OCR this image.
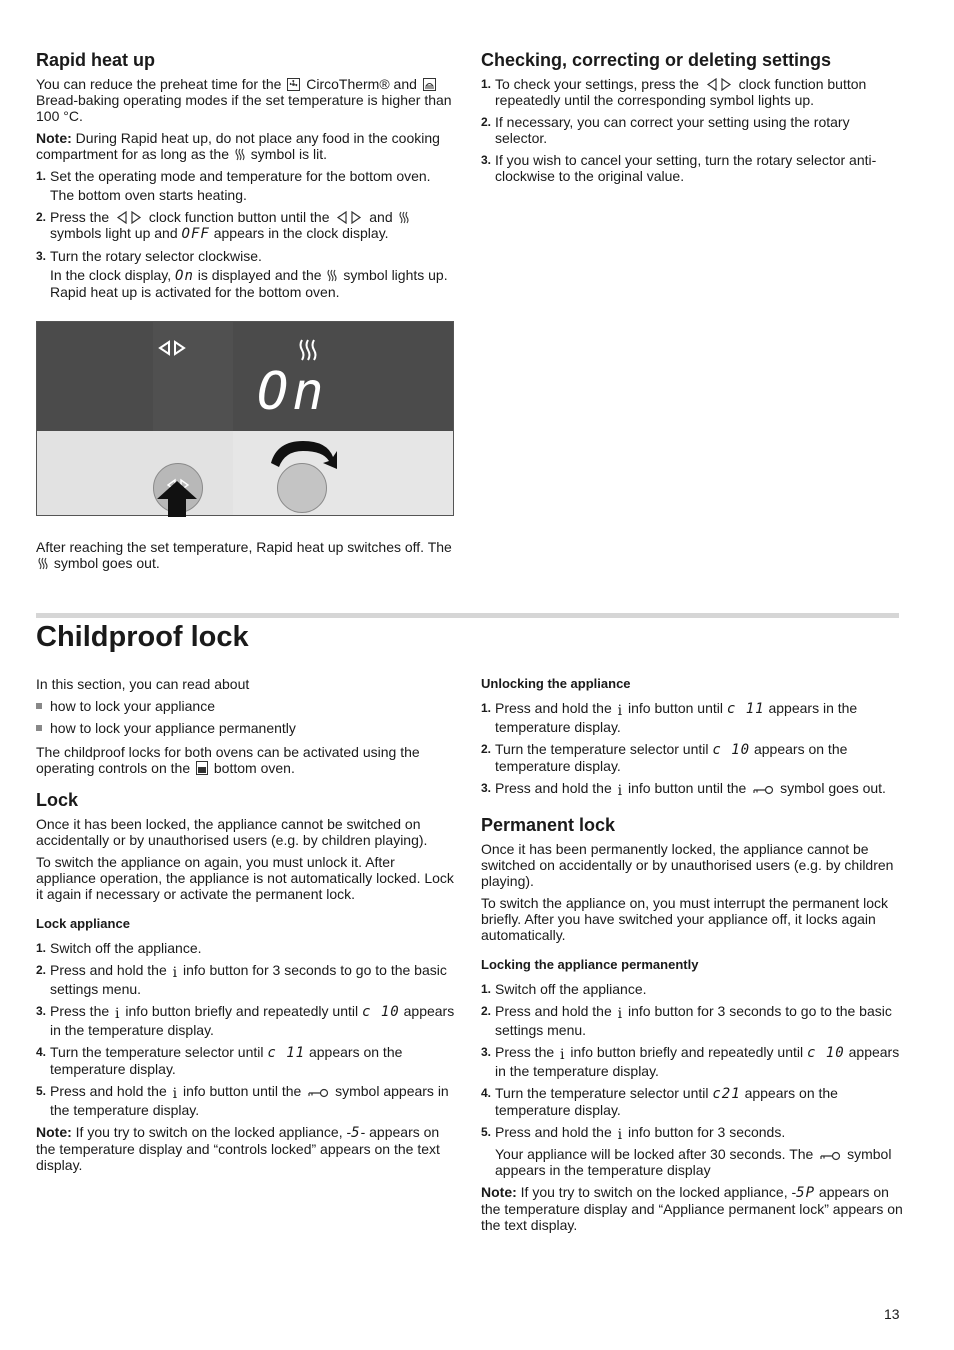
Rapid heat up

You can reduce the preheat time for the CircoTherm® and  Bread-baking operating modes if the set temperature is higher than 100 °C.

Note: During Rapid heat up, do not place any food in the cooking compartment for as long as the symbol is lit.

1. Set the operating mode and temperature for the bottom oven.
The bottom oven starts heating.
2. Press the	clock function button until the	and  symbols light up and OFF appears in the clock display.
3. Turn the rotary selector clockwise.
In the clock display, On is displayed and the symbol lights up. Rapid heat up is activated for the bottom oven.
On

After reaching the set temperature, Rapid heat up switches off. The  symbol goes out.

Checking, correcting or deleting settings
1. To check your settings, press the	clock function button repeatedly until the corresponding symbol lights up.
2. If necessary, you can correct your setting using the rotary selector.
3. If you wish to cancel your setting, turn the rotary selector anti-clockwise to the original value.
Childproof lock

In this section, you can read about

how to lock your appliance
how to lock your appliance permanently

The childproof locks for both ovens can be activated using the operating controls on the bottom oven.

Lock

Once it has been locked, the appliance cannot be switched on accidentally or by unauthorised users (e.g. by children playing).

To switch the appliance on again, you must unlock it. After appliance operation, the appliance is not automatically locked. Lock it again if necessary or activate the permanent lock.

Lock appliance
1. Switch off the appliance.
2. Press and hold the i info button for 3 seconds to go to the basic settings menu.
3. Press the i info button briefly and repeatedly until c 10 appears in the temperature display.
4. Turn the temperature selector until c 11 appears on the temperature display.
5. Press and hold the i info button until the symbol appears in the temperature display.

Note: If you try to switch on the locked appliance, -5- appears on the temperature display and “controls locked” appears on the text display.

Unlocking the appliance
1. Press and hold the i info button until c 11 appears in the temperature display.
2. Turn the temperature selector until c 10 appears on the temperature display.
3. Press and hold the i info button until the symbol goes out.
Permanent lock

Once it has been permanently locked, the appliance cannot be switched on accidentally or by unauthorised users (e.g. by children playing).

To switch the appliance on, you must interrupt the permanent lock briefly. After you have switched your appliance off, it locks again automatically.

Locking the appliance permanently
1. Switch off the appliance.
2. Press and hold the i info button for 3 seconds to go to the basic settings menu.
3. Press the i info button briefly and repeatedly until c 10 appears in the temperature display.
4. Turn the temperature selector until c21 appears on the temperature display.
5. Press and hold the i info button for 3 seconds.
Your appliance will be locked after 30 seconds. The symbol appears in the temperature display

Note: If you try to switch on the locked appliance, -5P appears on the temperature display and “Appliance permanent lock” appears on the text display.

13
